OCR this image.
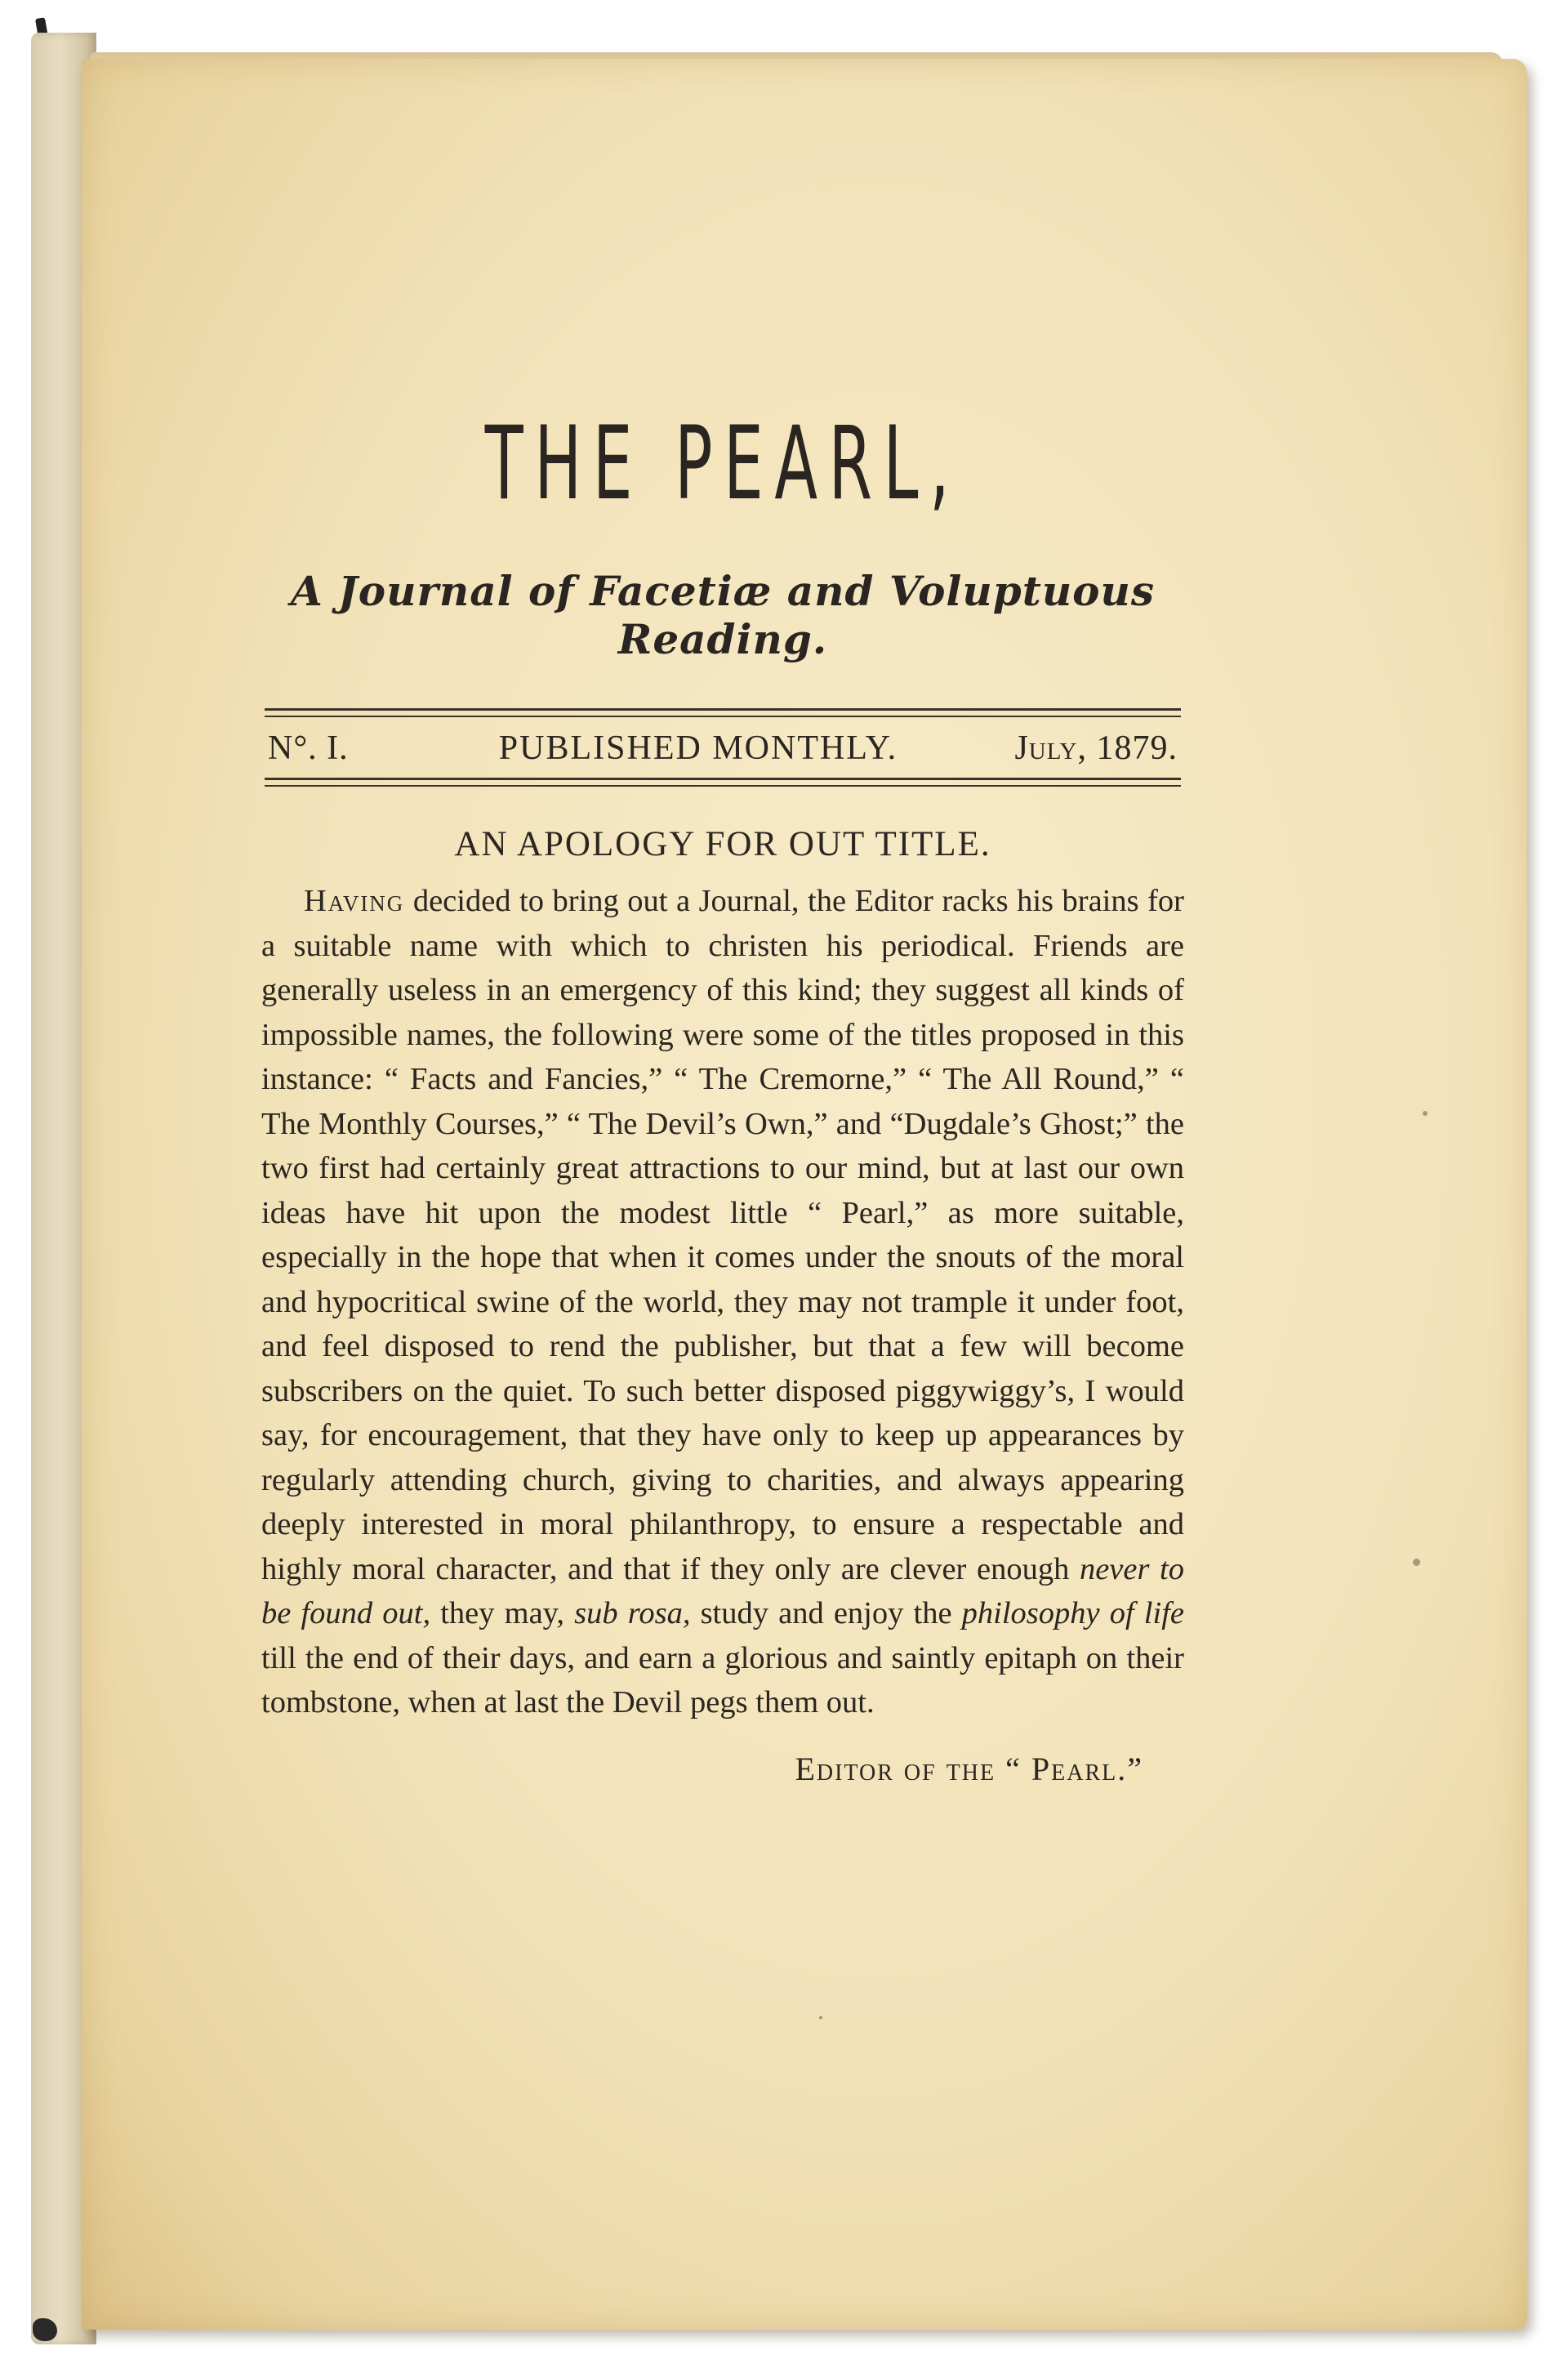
THE PEARL,
A Journal of Facetiæ and Voluptuous Reading.
N°. I.	PUBLISHED MONTHLY.	July, 1879.
AN APOLOGY FOR OUT TITLE.

Having decided to bring out a Journal, the Editor racks his brains for a suitable name with which to christen his periodical. Friends are generally useless in an emergency of this kind; they suggest all kinds of impossible names, the following were some of the titles proposed in this instance: “ Facts and Fancies,” “ The Cremorne,” “ The All Round,” “ The Monthly Courses,” “ The Devil’s Own,” and “Dugdale’s Ghost;” the two first had certainly great attractions to our mind, but at last our own ideas have hit upon the modest little “ Pearl,” as more suitable, especially in the hope that when it comes under the snouts of the moral and hypocritical swine of the world, they may not trample it under foot, and feel disposed to rend the publisher, but that a few will become subscribers on the quiet. To such better disposed piggywiggy’s, I would say, for encouragement, that they have only to keep up appearances by regularly attending church, giving to charities, and always appearing deeply interested in moral philanthropy, to ensure a respectable and highly moral character, and that if they only are clever enough never to be found out, they may, sub rosa, study and enjoy the philosophy of life till the end of their days, and earn a glorious and saintly epitaph on their tombstone, when at last the Devil pegs them out.

Editor of the “ Pearl.”
